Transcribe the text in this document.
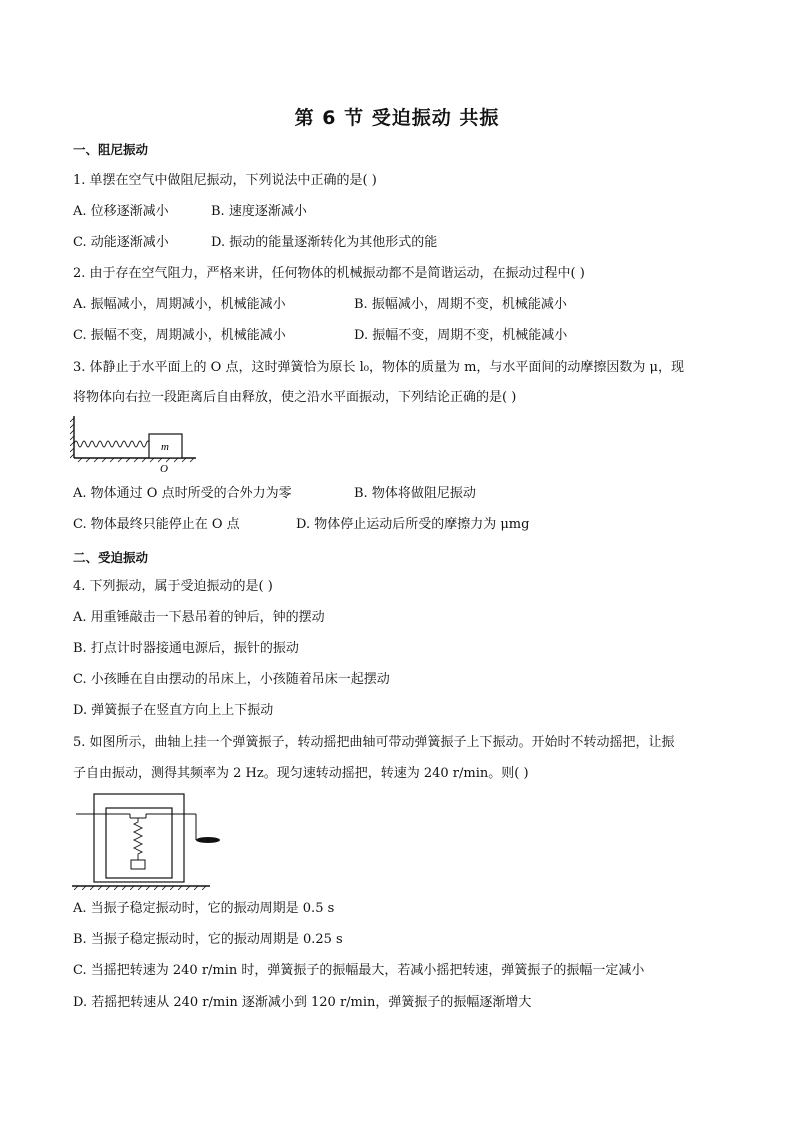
第 6 节 受迫振动 共振
一、阻尼振动
1. 单摆在空气中做阻尼振动，下列说法中正确的是( )
A. 位移逐渐减小	B. 速度逐渐减小
C. 动能逐渐减小	D. 振动的能量逐渐转化为其他形式的能
2. 由于存在空气阻力，严格来讲，任何物体的机械振动都不是简谐运动，在振动过程中( )
A. 振幅减小，周期减小，机械能减小	B. 振幅减小，周期不变，机械能减小
C. 振幅不变，周期减小，机械能减小	D. 振幅不变，周期不变，机械能减小
3. 体静止于水平面上的 O 点，这时弹簧恰为原长 l₀，物体的质量为 m，与水平面间的动摩擦因数为 μ，现
将物体向右拉一段距离后自由释放，使之沿水平面振动，下列结论正确的是( )
m
O
A. 物体通过 O 点时所受的合外力为零	B. 物体将做阻尼振动
C. 物体最终只能停止在 O 点	D. 物体停止运动后所受的摩擦力为 μmg
二、受迫振动
4. 下列振动，属于受迫振动的是( )
A. 用重锤敲击一下悬吊着的钟后，钟的摆动
B. 打点计时器接通电源后，振针的振动
C. 小孩睡在自由摆动的吊床上，小孩随着吊床一起摆动
D. 弹簧振子在竖直方向上上下振动
5. 如图所示，曲轴上挂一个弹簧振子，转动摇把曲轴可带动弹簧振子上下振动。开始时不转动摇把，让振
子自由振动，测得其频率为 2 Hz。现匀速转动摇把，转速为 240 r/min。则( )
A. 当振子稳定振动时，它的振动周期是 0.5 s
B. 当振子稳定振动时，它的振动周期是 0.25 s
C. 当摇把转速为 240 r/min 时，弹簧振子的振幅最大，若减小摇把转速，弹簧振子的振幅一定减小
D. 若摇把转速从 240 r/min 逐渐减小到 120 r/min，弹簧振子的振幅逐渐增大
